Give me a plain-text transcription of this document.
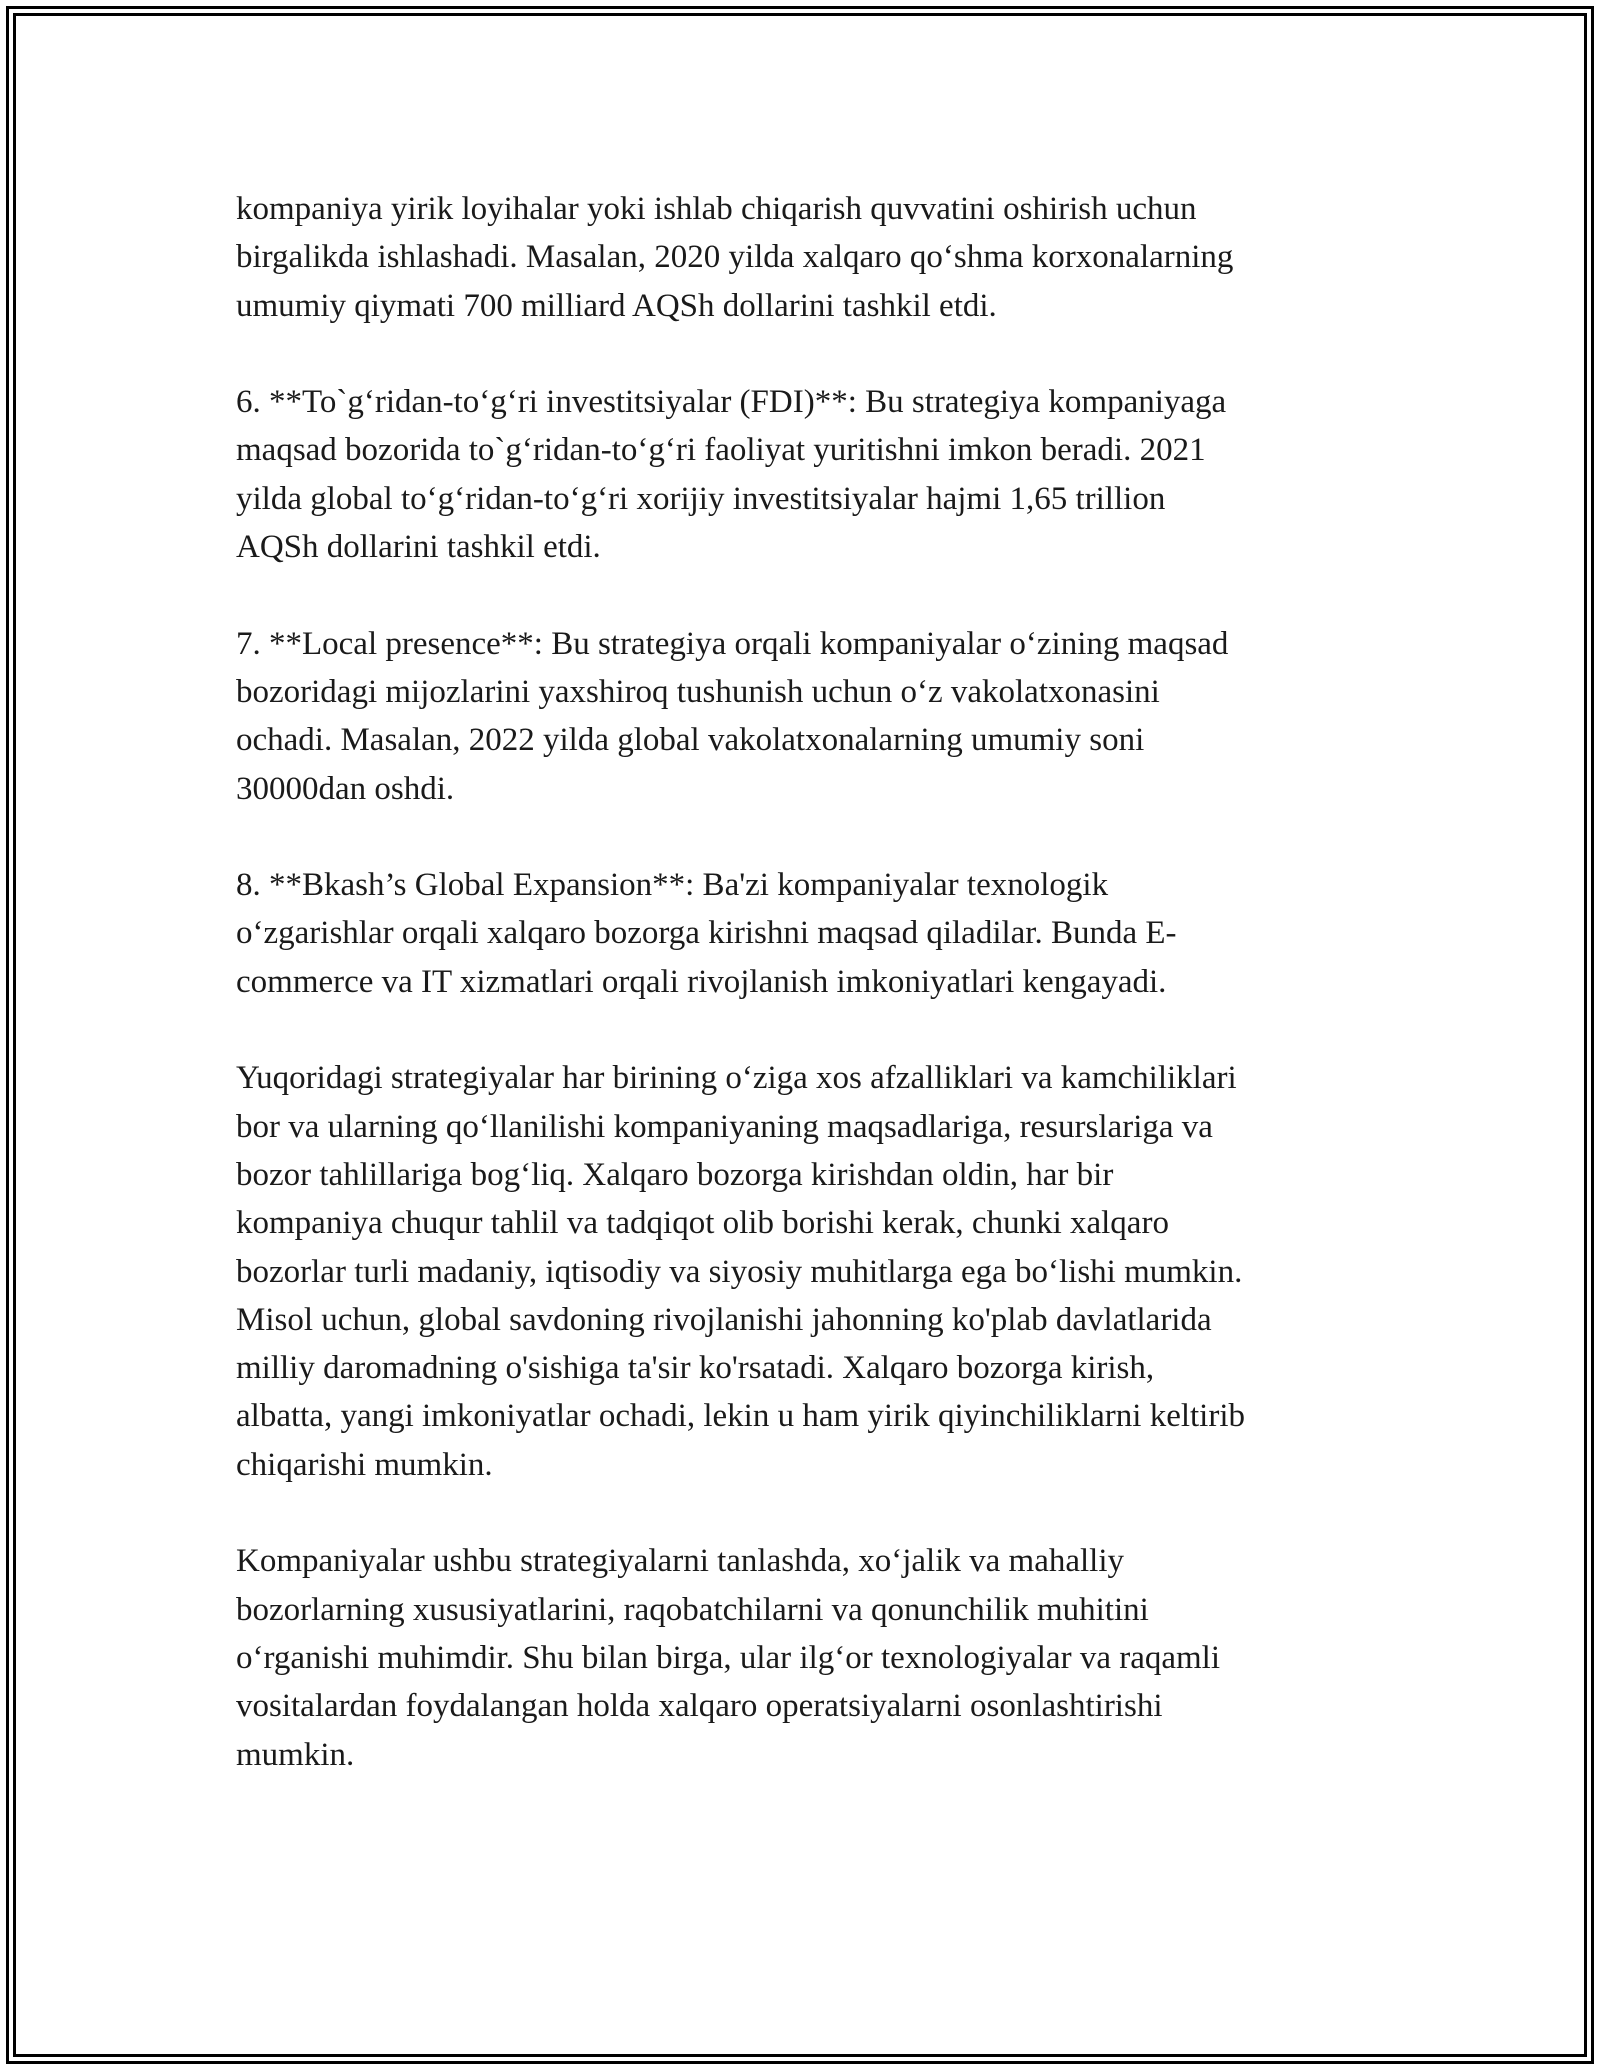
kompaniya yirik loyihalar yoki ishlab chiqarish quvvatini oshirish uchun
birgalikda ishlashadi. Masalan, 2020 yilda xalqaro qo‘shma korxonalarning
umumiy qiymati 700 milliard AQSh dollarini tashkil etdi.

6. **To`g‘ridan-to‘g‘ri investitsiyalar (FDI)**: Bu strategiya kompaniyaga
maqsad bozorida to`g‘ridan-to‘g‘ri faoliyat yuritishni imkon beradi. 2021
yilda global to‘g‘ridan-to‘g‘ri xorijiy investitsiyalar hajmi 1,65 trillion
AQSh dollarini tashkil etdi.

7. **Local presence**: Bu strategiya orqali kompaniyalar o‘zining maqsad
bozoridagi mijozlarini yaxshiroq tushunish uchun o‘z vakolatxonasini
ochadi. Masalan, 2022 yilda global vakolatxonalarning umumiy soni
30000dan oshdi.

8. **Bkash’s Global Expansion**: Ba'zi kompaniyalar texnologik
o‘zgarishlar orqali xalqaro bozorga kirishni maqsad qiladilar. Bunda E-
commerce va IT xizmatlari orqali rivojlanish imkoniyatlari kengayadi.

Yuqoridagi strategiyalar har birining o‘ziga xos afzalliklari va kamchiliklari
bor va ularning qo‘llanilishi kompaniyaning maqsadlariga, resurslariga va
bozor tahlillariga bog‘liq. Xalqaro bozorga kirishdan oldin, har bir
kompaniya chuqur tahlil va tadqiqot olib borishi kerak, chunki xalqaro
bozorlar turli madaniy, iqtisodiy va siyosiy muhitlarga ega bo‘lishi mumkin.
Misol uchun, global savdoning rivojlanishi jahonning ko'plab davlatlarida
milliy daromadning o'sishiga ta'sir ko'rsatadi. Xalqaro bozorga kirish,
albatta, yangi imkoniyatlar ochadi, lekin u ham yirik qiyinchiliklarni keltirib
chiqarishi mumkin.

Kompaniyalar ushbu strategiyalarni tanlashda, xo‘jalik va mahalliy
bozorlarning xususiyatlarini, raqobatchilarni va qonunchilik muhitini
o‘rganishi muhimdir. Shu bilan birga, ular ilg‘or texnologiyalar va raqamli
vositalardan foydalangan holda xalqaro operatsiyalarni osonlashtirishi
mumkin.
